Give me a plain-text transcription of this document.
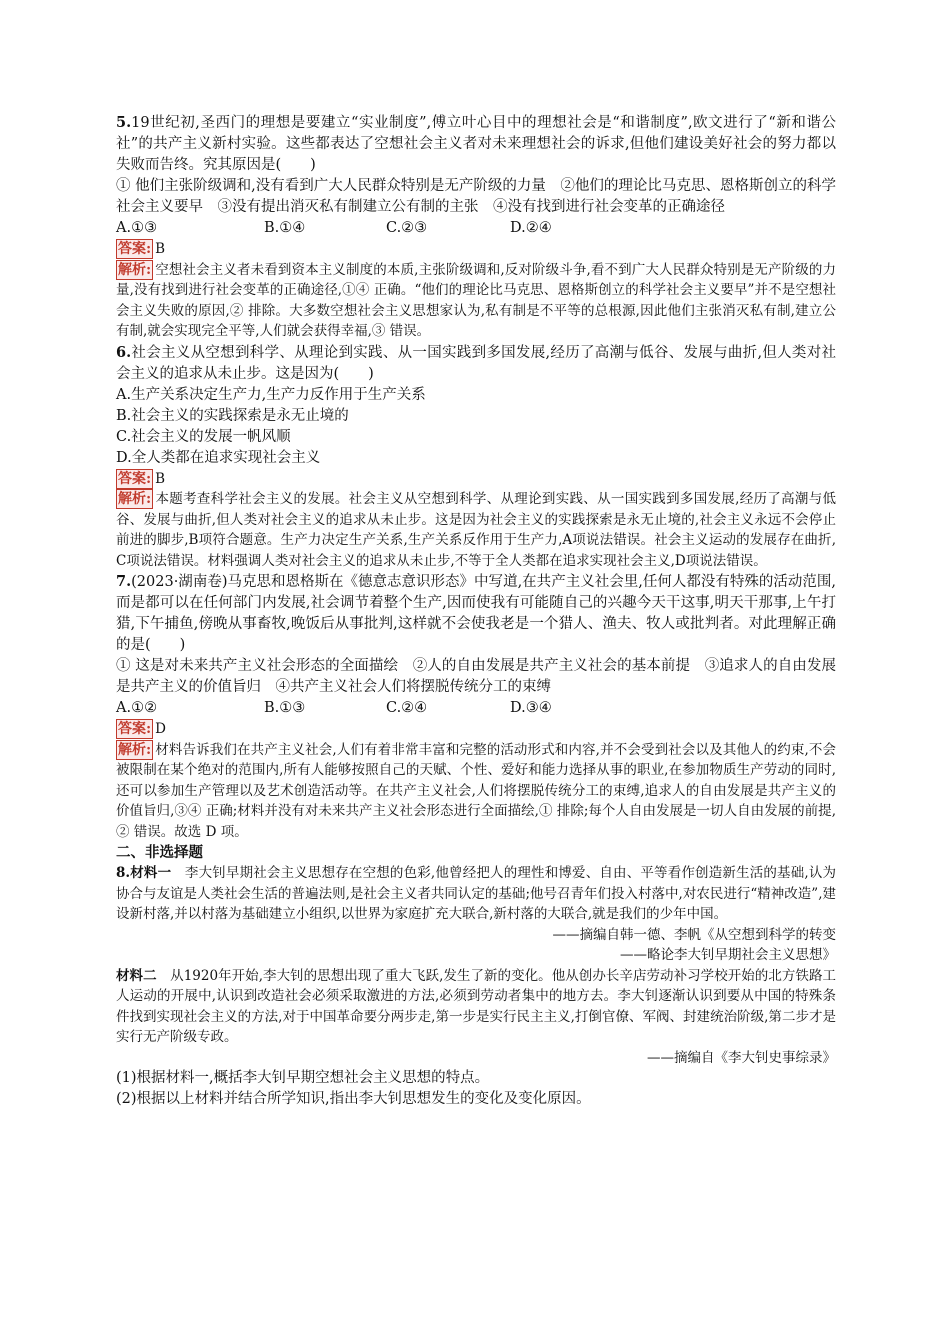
5.19世纪初,圣西门的理想是要建立“实业制度”,傅立叶心目中的理想社会是“和谐制度”,欧文进行了“新和谐公社”的共产主义新村实验。这些都表达了空想社会主义者对未来理想社会的诉求,但他们建设美好社会的努力都以失败而告终。究其原因是(　　)

① 他们主张阶级调和,没有看到广大人民群众特别是无产阶级的力量　②他们的理论比马克思、恩格斯创立的科学社会主义要早　③没有提出消灭私有制建立公有制的主张　④没有找到进行社会变革的正确途径

A.①③	B.①④	C.②③	D.②④

答案: B

解析: 空想社会主义者未看到资本主义制度的本质,主张阶级调和,反对阶级斗争,看不到广大人民群众特别是无产阶级的力量,没有找到进行社会变革的正确途径,①④ 正确。“他们的理论比马克思、恩格斯创立的科学社会主义要早”并不是空想社会主义失败的原因,② 排除。大多数空想社会主义思想家认为,私有制是不平等的总根源,因此他们主张消灭私有制,建立公有制,就会实现完全平等,人们就会获得幸福,③ 错误。

6.社会主义从空想到科学、从理论到实践、从一国实践到多国发展,经历了高潮与低谷、发展与曲折,但人类对社会主义的追求从未止步。这是因为(　　)

A.生产关系决定生产力,生产力反作用于生产关系

B.社会主义的实践探索是永无止境的

C.社会主义的发展一帆风顺

D.全人类都在追求实现社会主义

答案: B

解析: 本题考查科学社会主义的发展。社会主义从空想到科学、从理论到实践、从一国实践到多国发展,经历了高潮与低谷、发展与曲折,但人类对社会主义的追求从未止步。这是因为社会主义的实践探索是永无止境的,社会主义永远不会停止前进的脚步,B项符合题意。生产力决定生产关系,生产关系反作用于生产力,A项说法错误。社会主义运动的发展存在曲折,C项说法错误。材料强调人类对社会主义的追求从未止步,不等于全人类都在追求实现社会主义,D项说法错误。

7.(2023·湖南卷)马克思和恩格斯在《德意志意识形态》中写道,在共产主义社会里,任何人都没有特殊的活动范围,而是都可以在任何部门内发展,社会调节着整个生产,因而使我有可能随自己的兴趣今天干这事,明天干那事,上午打猎,下午捕鱼,傍晚从事畜牧,晚饭后从事批判,这样就不会使我老是一个猎人、渔夫、牧人或批判者。对此理解正确的是(　　)

① 这是对未来共产主义社会形态的全面描绘　②人的自由发展是共产主义社会的基本前提　③追求人的自由发展是共产主义的价值旨归　④共产主义社会人们将摆脱传统分工的束缚

A.①②	B.①③	C.②④	D.③④

答案: D

解析: 材料告诉我们在共产主义社会,人们有着非常丰富和完整的活动形式和内容,并不会受到社会以及其他人的约束,不会被限制在某个绝对的范围内,所有人能够按照自己的天赋、个性、爱好和能力选择从事的职业,在参加物质生产劳动的同时,还可以参加生产管理以及艺术创造活动等。在共产主义社会,人们将摆脱传统分工的束缚,追求人的自由发展是共产主义的价值旨归,③④ 正确;材料并没有对未来共产主义社会形态进行全面描绘,① 排除;每个人自由发展是一切人自由发展的前提,② 错误。故选 D 项。

二、非选择题

8.材料一　李大钊早期社会主义思想存在空想的色彩,他曾经把人的理性和博爱、自由、平等看作创造新生活的基础,认为协合与友谊是人类社会生活的普遍法则,是社会主义者共同认定的基础;他号召青年们投入村落中,对农民进行“精神改造”,建设新村落,并以村落为基础建立小组织,以世界为家庭扩充大联合,新村落的大联合,就是我们的少年中国。

——摘编自韩一德、李帆《从空想到科学的转变

——略论李大钊早期社会主义思想》

材料二　从1920年开始,李大钊的思想出现了重大飞跃,发生了新的变化。他从创办长辛店劳动补习学校开始的北方铁路工人运动的开展中,认识到改造社会必须采取激进的方法,必须到劳动者集中的地方去。李大钊逐渐认识到要从中国的特殊条件找到实现社会主义的方法,对于中国革命要分两步走,第一步是实行民主主义,打倒官僚、军阀、封建统治阶级,第二步才是实行无产阶级专政。

——摘编自《李大钊史事综录》

(1)根据材料一,概括李大钊早期空想社会主义思想的特点。

(2)根据以上材料并结合所学知识,指出李大钊思想发生的变化及变化原因。
